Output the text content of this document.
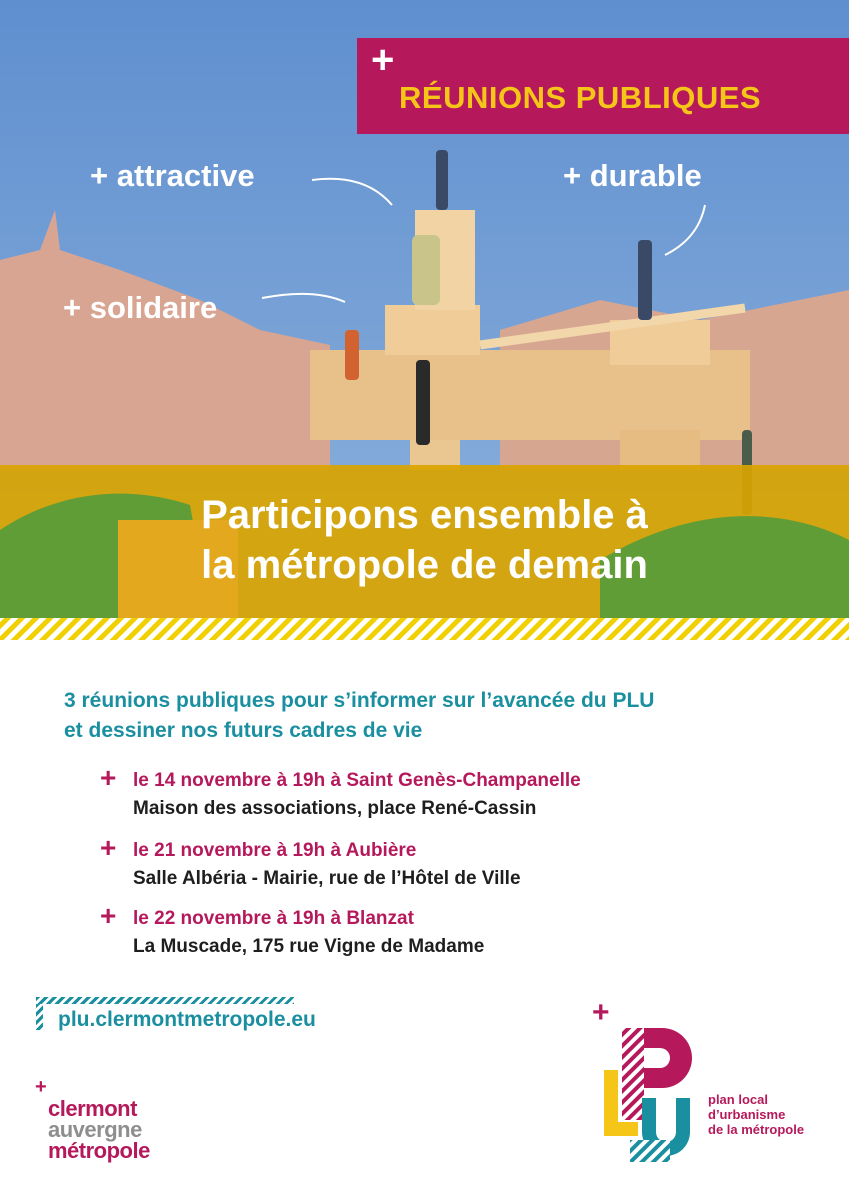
+
RÉUNIONS PUBLIQUES
+ attractive	+ durable
+ solidaire
Participons ensemble à
la métropole de demain
3 réunions publiques pour s’informer sur l’avancée du PLU
et dessiner nos futurs cadres de vie
+ le 14 novembre à 19h à Saint Genès-Champanelle
Maison des associations, place René-Cassin
+ le 21 novembre à 19h à Aubière
Salle Albéria - Mairie, rue de l’Hôtel de Ville
+ le 22 novembre à 19h à Blanzat
La Muscade, 175 rue Vigne de Madame
plu.clermontmetropole.eu
+
clermont
auvergne
métropole
+
plan local
d’urbanisme
de la métropole
